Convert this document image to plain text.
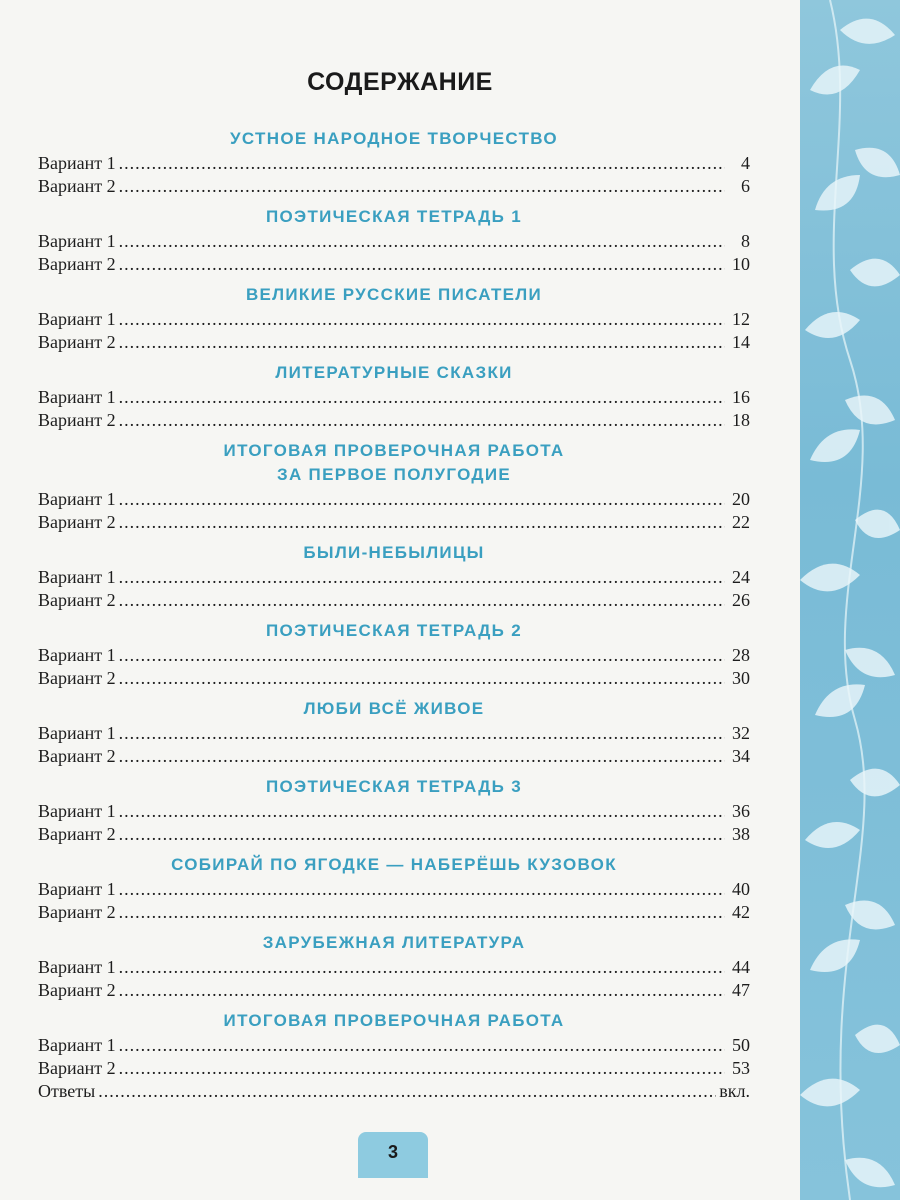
СОДЕРЖАНИЕ
УСТНОЕ НАРОДНОЕ ТВОРЧЕСТВО
Вариант 1 .....	4
Вариант 2 .....	6
ПОЭТИЧЕСКАЯ ТЕТРАДЬ 1
Вариант 1 .....	8
Вариант 2 .....	10
ВЕЛИКИЕ РУССКИЕ ПИСАТЕЛИ
Вариант 1 .....	12
Вариант 2 .....	14
ЛИТЕРАТУРНЫЕ СКАЗКИ
Вариант 1 .....	16
Вариант 2 .....	18
ИТОГОВАЯ ПРОВЕРОЧНАЯ РАБОТА
ЗА ПЕРВОЕ ПОЛУГОДИЕ
Вариант 1 .....	20
Вариант 2 .....	22
БЫЛИ-НЕБЫЛИЦЫ
Вариант 1 .....	24
Вариант 2 .....	26
ПОЭТИЧЕСКАЯ ТЕТРАДЬ 2
Вариант 1 .....	28
Вариант 2 .....	30
ЛЮБИ ВСЁ ЖИВОЕ
Вариант 1 .....	32
Вариант 2 .....	34
ПОЭТИЧЕСКАЯ ТЕТРАДЬ 3
Вариант 1 .....	36
Вариант 2 .....	38
СОБИРАЙ ПО ЯГОДКЕ — НАБЕРЁШЬ КУЗОВОК
Вариант 1 .....	40
Вариант 2 .....	42
ЗАРУБЕЖНАЯ ЛИТЕРАТУРА
Вариант 1 .....	44
Вариант 2 .....	47
ИТОГОВАЯ ПРОВЕРОЧНАЯ РАБОТА
Вариант 1 .....	50
Вариант 2 .....	53
Ответы .....	вкл.
3
